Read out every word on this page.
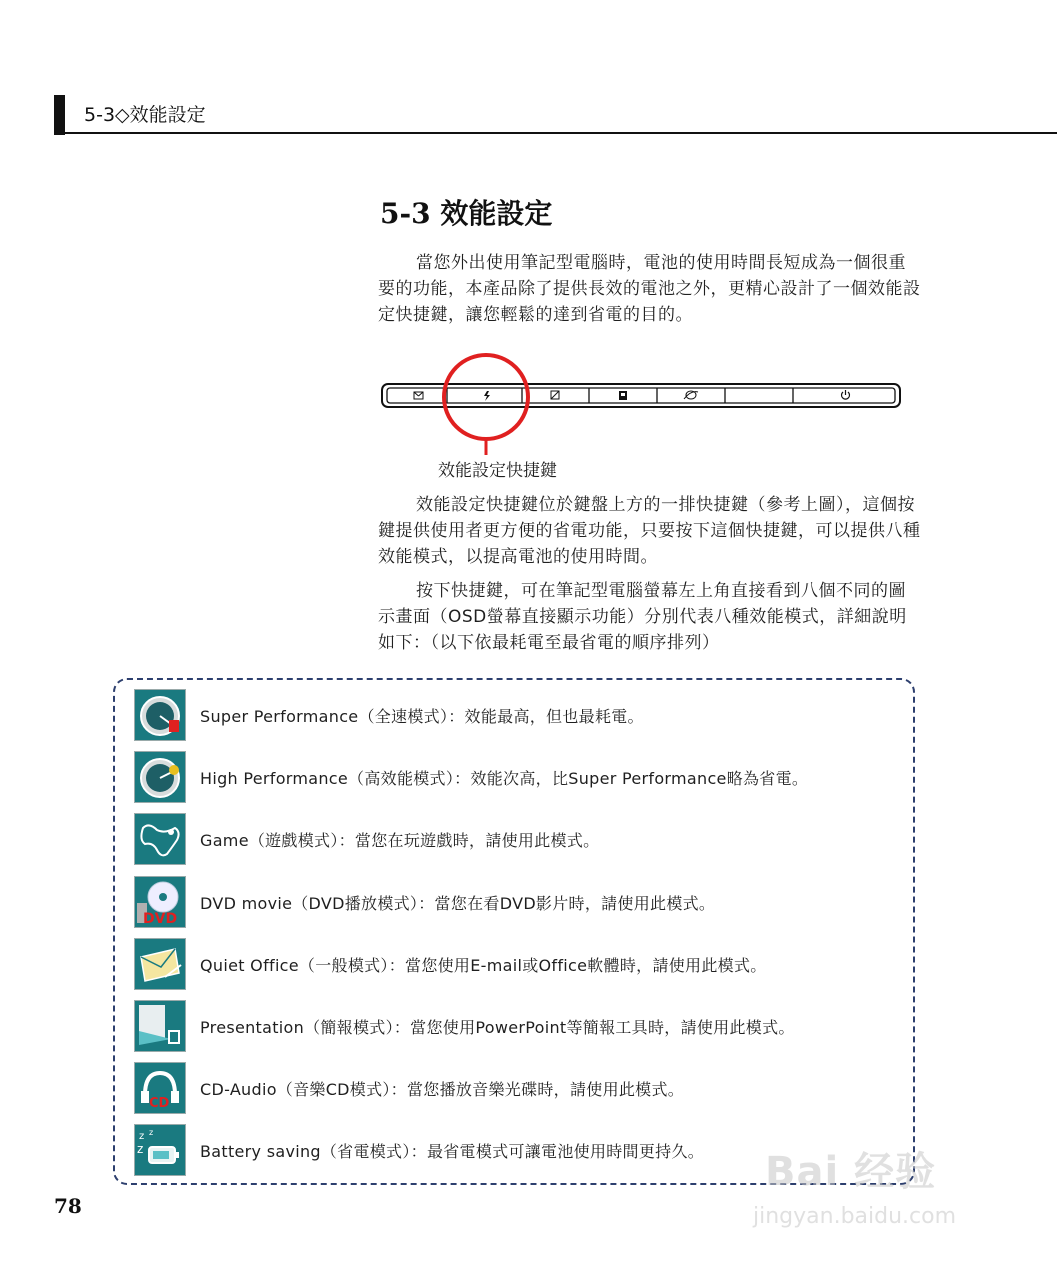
5-3◇效能設定
5-3 效能設定
當您外出使用筆記型電腦時，電池的使用時間長短成為一個很重要的功能，本產品除了提供長效的電池之外，更精心設計了一個效能設定快捷鍵，讓您輕鬆的達到省電的目的。
效能設定快捷鍵
效能設定快捷鍵位於鍵盤上方的一排快捷鍵（參考上圖），這個按鍵提供使用者更方便的省電功能，只要按下這個快捷鍵，可以提供八種效能模式，以提高電池的使用時間。
按下快捷鍵，可在筆記型電腦螢幕左上角直接看到八個不同的圖示畫面（OSD螢幕直接顯示功能）分別代表八種效能模式，詳細說明如下：（以下依最耗電至最省電的順序排列）
Super Performance（全速模式）：效能最高，但也最耗電。
High Performance（高效能模式）：效能次高，比Super Performance略為省電。
Game（遊戲模式）：當您在玩遊戲時，請使用此模式。
DVD
DVD movie（DVD播放模式）：當您在看DVD影片時，請使用此模式。
Quiet Office（一般模式）：當您使用E-mail或Office軟體時，請使用此模式。
Presentation（簡報模式）：當您使用PowerPoint等簡報工具時，請使用此模式。
CD
CD-Audio（音樂CD模式）：當您播放音樂光碟時，請使用此模式。
z z
z	Battery saving（省電模式）：最省電模式可讓電池使用時間更持久。
78
Bai 经验
jingyan.baidu.com
